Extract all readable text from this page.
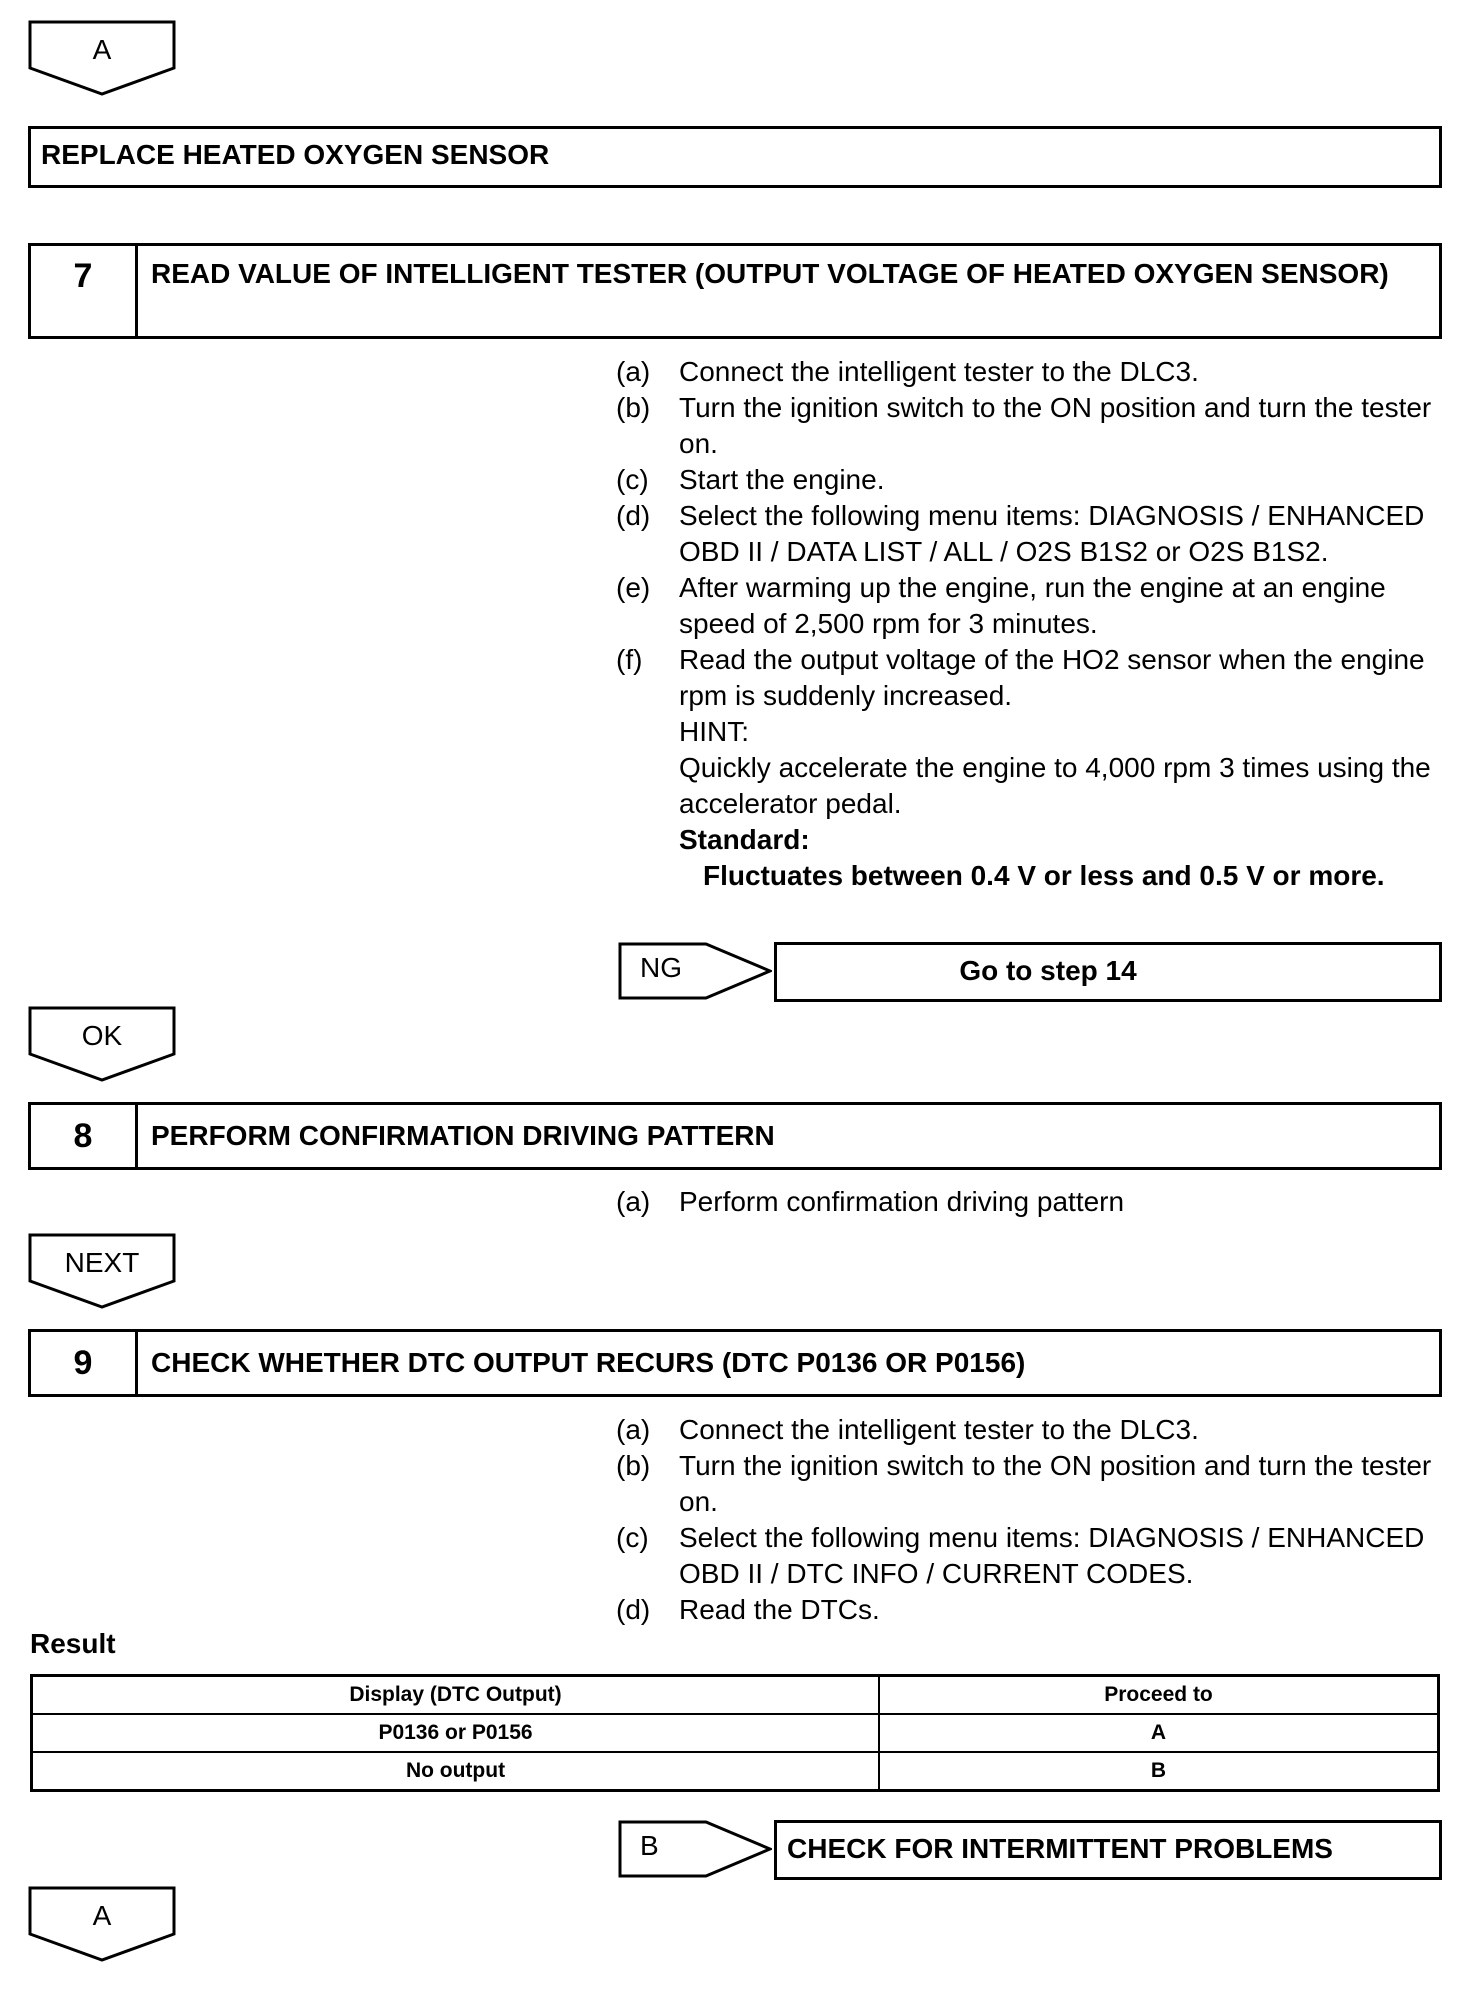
A
REPLACE HEATED OXYGEN SENSOR
7	READ VALUE OF INTELLIGENT TESTER (OUTPUT VOLTAGE OF HEATED OXYGEN SENSOR)
(a)	Connect the intelligent tester to the DLC3.
(b)	Turn the ignition switch to the ON position and turn the tester on.
(c)	Start the engine.
(d)	Select the following menu items: DIAGNOSIS / ENHANCED OBD II / DATA LIST / ALL / O2S B1S2 or O2S B1S2.
(e)	After warming up the engine, run the engine at an engine speed of 2,500 rpm for 3 minutes.
(f)	Read the output voltage of the HO2 sensor when the engine rpm is suddenly increased.
HINT:
Quickly accelerate the engine to 4,000 rpm 3 times using the accelerator pedal.
Standard:
Fluctuates between 0.4 V or less and 0.5 V or more.
NG	Go to step 14
OK
8	PERFORM CONFIRMATION DRIVING PATTERN
(a)	Perform confirmation driving pattern
NEXT
9	CHECK WHETHER DTC OUTPUT RECURS (DTC P0136 OR P0156)
(a)	Connect the intelligent tester to the DLC3.
(b)	Turn the ignition switch to the ON position and turn the tester on.
(c)	Select the following menu items: DIAGNOSIS / ENHANCED OBD II / DTC INFO / CURRENT CODES.
(d)	Read the DTCs.
Result
Display (DTC Output)	Proceed to
P0136 or P0156	A
No output	B
B	CHECK FOR INTERMITTENT PROBLEMS
A
